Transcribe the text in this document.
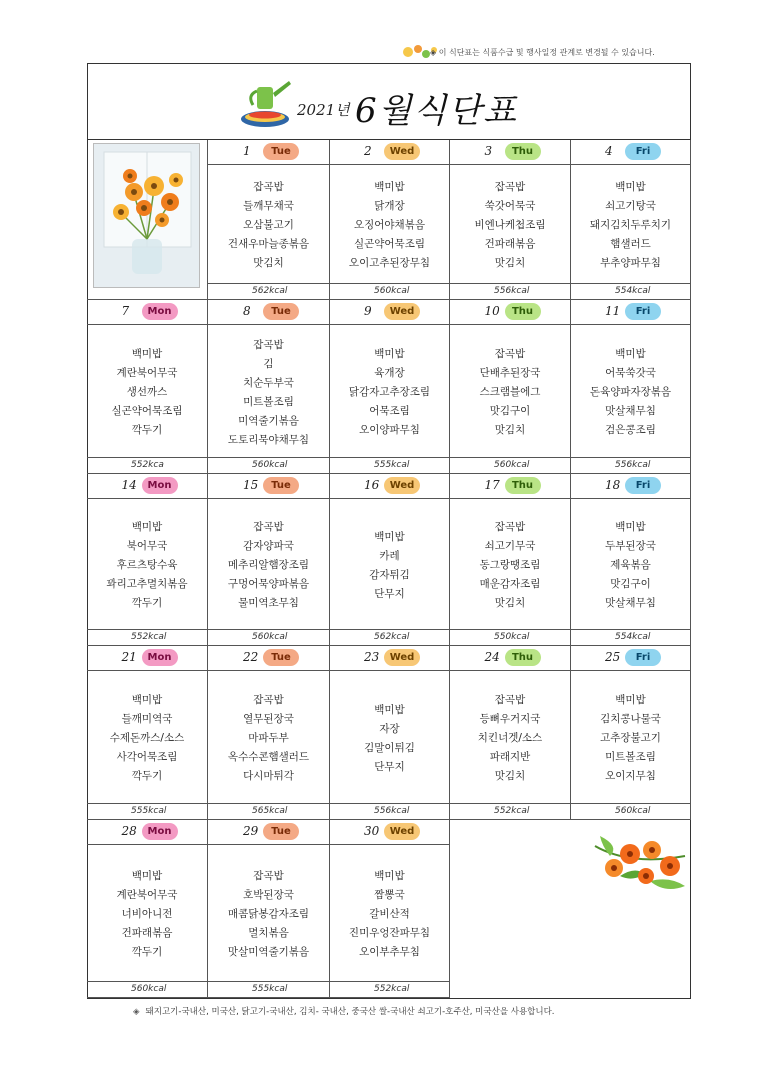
◈ 이 식단표는 식품수급 및 행사일정 관계로 변경될 수 있습니다.
2021년 6월식단표
1	Tue
잡곡밥
들깨무채국
오삼불고기
건새우마늘종볶음
맛김치
562kcal
2	Wed
백미밥
닭개장
오징어야채볶음
실곤약어묵조림
오이고추된장무침
560kcal
3	Thu
잡곡밥
쑥갓어묵국
비엔나케첩조림
건파래볶음
맛김치
556kcal
4	Fri
백미밥
쇠고기탕국
돼지김치두루치기
햄샐러드
부추양파무침
554kcal
7	Mon
백미밥
계란북어무국
생선까스
실곤약어묵조림
깍두기
552kca
8	Tue
잡곡밥
김
치순두부국
미트볼조림
미역줄기볶음
도토리묵야채무침
560kcal
9	Wed
백미밥
육개장
닭감자고추장조림
어묵조림
오이양파무침
555kcal
10	Thu
잡곡밥
단배추된장국
스크램블에그
맛김구이
맛김치
560kcal
11	Fri
백미밥
어묵쑥갓국
돈육양파자장볶음
맛살채무침
검은콩조림
556kcal
14	Mon
백미밥
북어무국
후르츠탕수육
꽈리고추멸치볶음
깍두기
552kcal
15	Tue
잡곡밥
감자양파국
메추리알햄장조림
구멍어묵양파볶음
물미역초무침
560kcal
16	Wed
백미밥
카레
감자튀김
단무지
562kcal
17	Thu
잡곡밥
쇠고기무국
동그랑땡조림
매운감자조림
맛김치
550kcal
18	Fri
백미밥
두부된장국
제육볶음
맛김구이
맛살채무침
554kcal
21	Mon
백미밥
들깨미역국
수제돈까스/소스
사각어묵조림
깍두기
555kcal
22	Tue
잡곡밥
열무된장국
마파두부
옥수수콘햄샐러드
다시마튀각
565kcal
23	Wed
백미밥
자장
김말이튀김
단무지
556kcal
24	Thu
잡곡밥
등뼈우거지국
치킨너겟/소스
파래지반
맛김치
552kcal
25	Fri
백미밥
김치콩나물국
고추장불고기
미트볼조림
오이지무침
560kcal
28	Mon
백미밥
계란북어무국
너비아니전
건파래볶음
깍두기
560kcal
29	Tue
잡곡밥
호박된장국
매콤닭봉감자조림
멸치볶음
맛살미역줄기볶음
555kcal
30	Wed
백미밥
짬뽕국
갈비산적
진미우엉잔파무침
오이부추무침
552kcal
◈ 돼지고기-국내산, 미국산, 닭고기-국내산, 김치- 국내산, 중국산 쌀-국내산 쇠고기-호주산, 미국산을 사용합니다.
